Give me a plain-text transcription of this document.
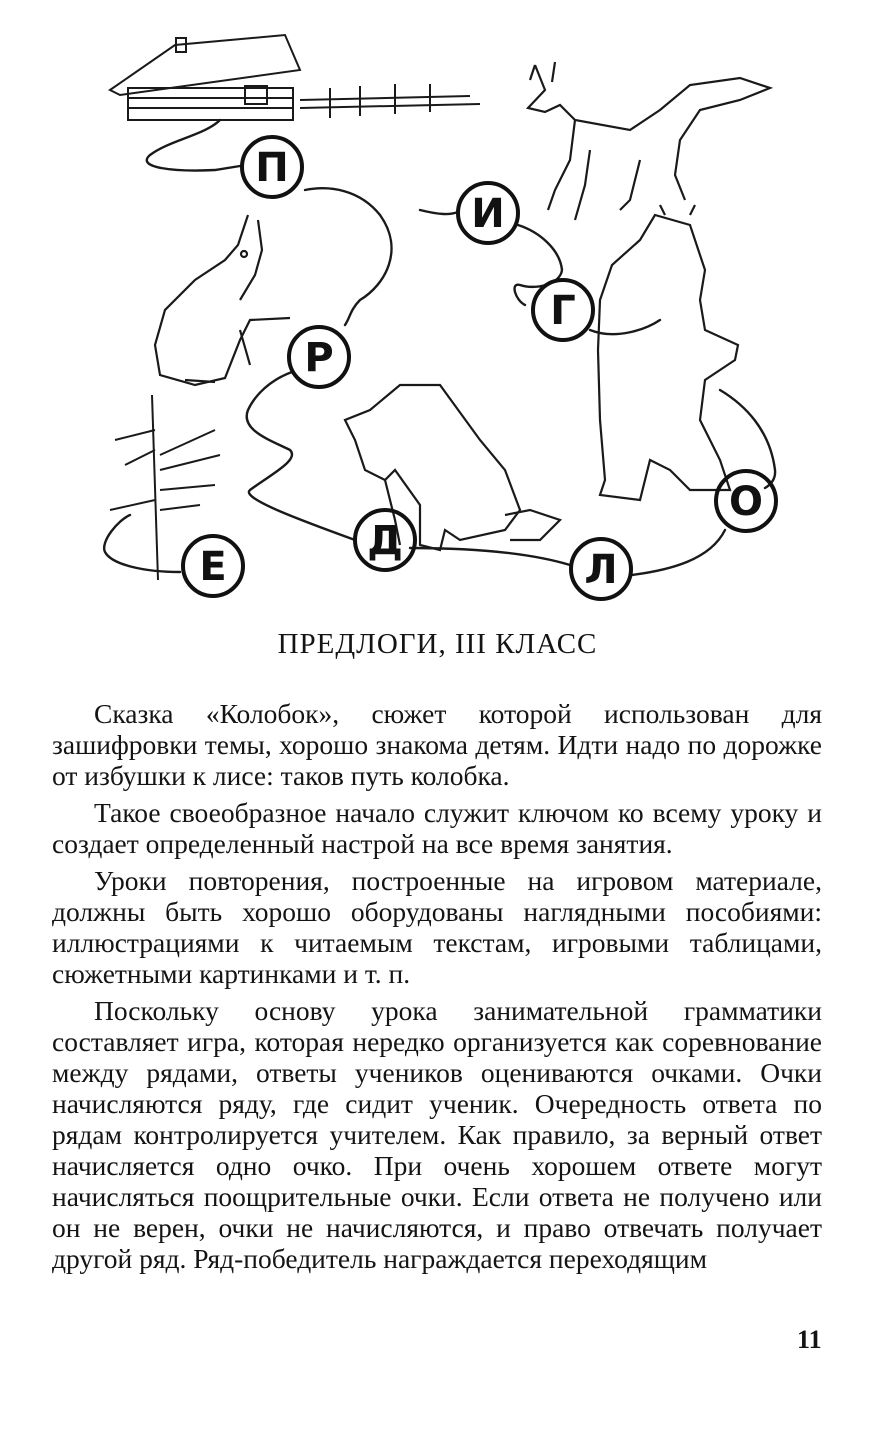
П
И
Г
Р
О
Д
Л
Е
ПРЕДЛОГИ, III КЛАСС

Сказка «Колобок», сюжет которой использован для зашифровки темы, хорошо знакома детям. Идти надо по дорожке от избушки к лисе: таков путь колобка.

Такое своеобразное начало служит ключом ко всему уроку и создает определенный настрой на все время занятия.

Уроки повторения, построенные на игровом материале, должны быть хорошо оборудованы наглядными пособиями: иллюстрациями к читаемым текстам, игровыми таблицами, сюжетными картинками и т. п.

Поскольку основу урока занимательной грамматики составляет игра, которая нередко организуется как соревнование между рядами, ответы учеников оцениваются очками. Очки начисляются ряду, где сидит ученик. Очередность ответа по рядам контролируется учителем. Как правило, за верный ответ начисляется одно очко. При очень хорошем ответе могут начисляться поощрительные очки. Если ответа не получено или он не верен, очки не начисляются, и право отвечать получает другой ряд. Ряд-победитель награждается переходящим

11
